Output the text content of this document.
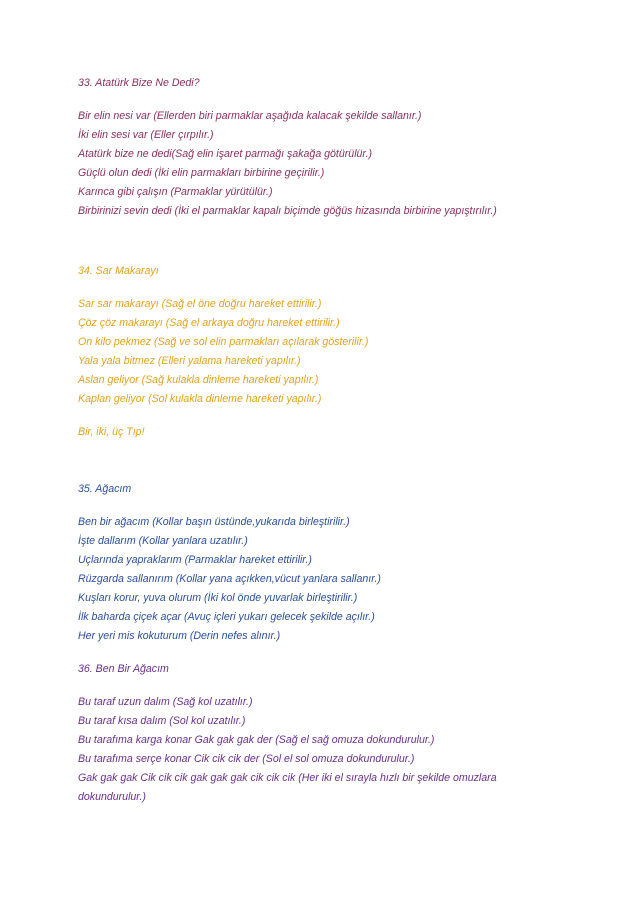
33. Atatürk Bize Ne Dedi?

Bir elin nesi var (Ellerden biri parmaklar aşağıda kalacak şekilde sallanır.)

İki elin sesi var (Eller çırpılır.)

Atatürk bize ne dedi(Sağ elin işaret parmağı şakağa götürülür.)

Güçlü olun dedi (İki elin parmakları birbirine geçirilir.)

Karınca gibi çalışın (Parmaklar yürütülür.)

Birbirinizi sevin dedi (İki el parmaklar kapalı biçimde göğüs hizasında birbirine yapıştırılır.)

34. Sar Makarayı

Sar sar makarayı (Sağ el öne doğru hareket ettirilir.)

Çöz çöz makarayı (Sağ el arkaya doğru hareket ettirilir.)

On kilo pekmez (Sağ ve sol elin parmakları açılarak gösterilir.)

Yala yala bitmez (Elleri yalama hareketi yapılır.)

Aslan geliyor (Sağ kulakla dinleme hareketi yapılır.)

Kaplan geliyor (Sol kulakla dinleme hareketi yapılır.)

Bir, iki, üç Tıp!

35. Ağacım

Ben bir ağacım (Kollar başın üstünde,yukarıda birleştirilir.)

İşte dallarım (Kollar yanlara uzatılır.)

Uçlarında yapraklarım (Parmaklar hareket ettirilir.)

Rüzgarda sallanırım (Kollar yana açıkken,vücut yanlara sallanır.)

Kuşları korur, yuva olurum (İki kol önde yuvarlak birleştirilir.)

İlk baharda çiçek açar (Avuç içleri yukarı gelecek şekilde açılır.)

Her yeri mis kokuturum (Derin nefes alınır.)

36. Ben Bir Ağacım

Bu taraf uzun dalım (Sağ kol uzatılır.)

Bu taraf kısa dalım (Sol kol uzatılır.)

Bu tarafıma karga konar Gak gak gak der (Sağ el sağ omuza dokundurulur.)

Bu tarafıma serçe konar Cik cik cik der (Sol el sol omuza dokundurulur.)

Gak gak gak Cik cik cik gak gak gak cik cik cik (Her iki el sırayla hızlı bir şekilde omuzlara

dokundurulur.)
